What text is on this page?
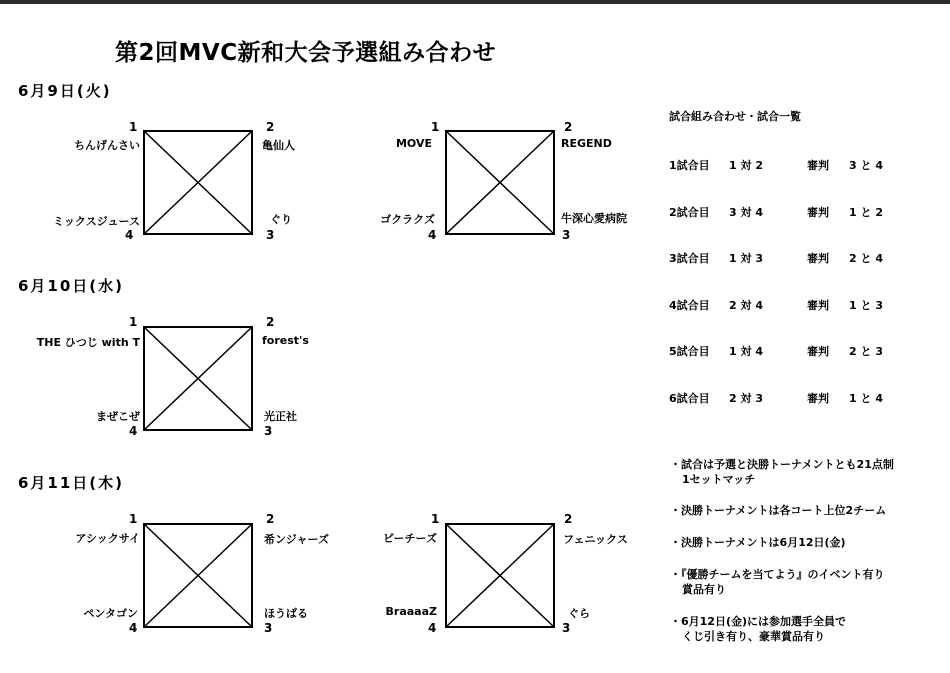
第2回MVC新和大会予選組み合わせ
6月9日(火)
6月10日(水)
6月11日(木)
1	2
3
4
ちんげんさい	亀仙人
ぐり
ミックスジュース
1	2
3
4
MOVE	REGEND
牛深心愛病院
ゴクラクズ
1	2
3
4
THE ひつじ with T	forest's
光正社
まぜこぜ
1	2
3
4
アシックサイ	希ンジャーズ
ほうばる
ペンタゴン
1	2
3
4
ビーチーズ	フェニックス
ぐら
BraaaaZ
試合組み合わせ・試合一覧
1試合目 1 対 2	審判 3 と 4
2試合目 3 対 4	審判 1 と 2
3試合目 1 対 3	審判 2 と 4
4試合目 2 対 4	審判 1 と 3
5試合目 1 対 4	審判 2 と 3
6試合目 2 対 3	審判 1 と 4
・試合は予選と決勝トーナメントとも21点制
1セットマッチ
・決勝トーナメントは各コート上位2チーム
・決勝トーナメントは6月12日(金)
・『優勝チームを当てよう』のイベント有り
賞品有り
・6月12日(金)には参加選手全員で
くじ引き有り、豪華賞品有り
